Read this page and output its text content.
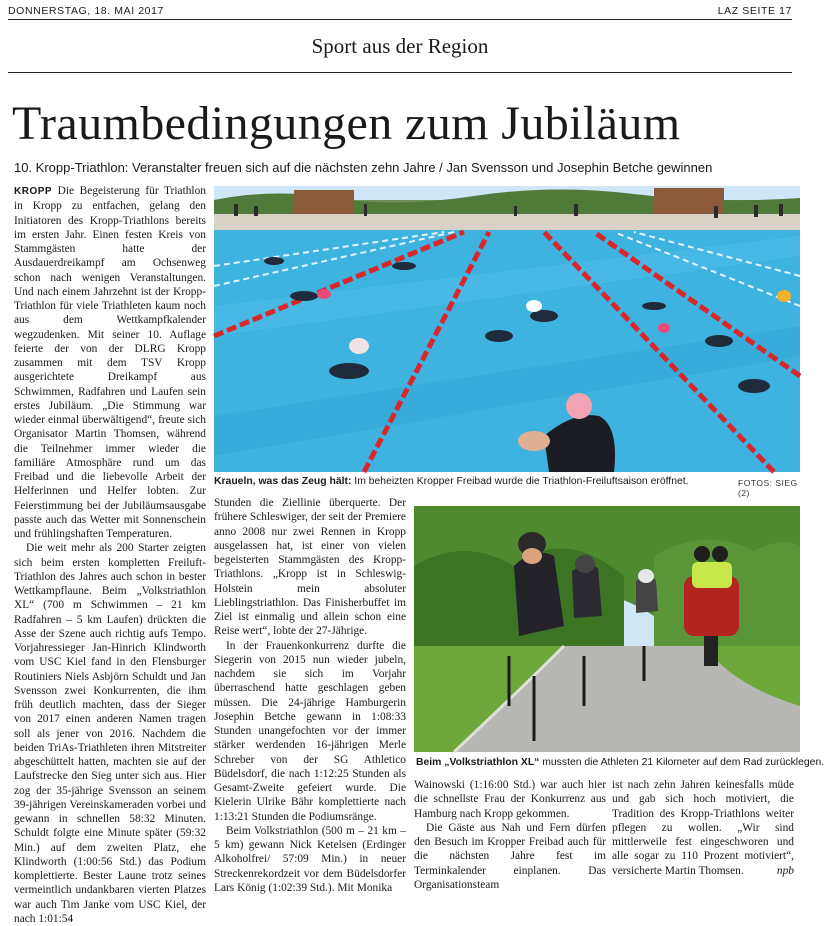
DONNERSTAG, 18. MAI 2017	LAZ SEITE 17
Sport aus der Region
Traumbedingungen zum Jubiläum
10. Kropp-Triathlon: Veranstalter freuen sich auf die nächsten zehn Jahre / Jan Svensson und Josephin Betche gewinnen

KROPP Die Begeisterung für Triathlon in Kropp zu entfachen, gelang den Initiatoren des Kropp-Triathlons bereits im ersten Jahr. Einen festen Kreis von Stammgästen hatte der Ausdauerdreikampf am Ochsenweg schon nach wenigen Veranstaltungen. Und nach einem Jahrzehnt ist der Kropp-Triathlon für viele Triathleten kaum noch aus dem Wettkampfkalender wegzudenken. Mit seiner 10. Auflage feierte der von der DLRG Kropp zusammen mit dem TSV Kropp ausgerichtete Dreikampf aus Schwimmen, Radfahren und Laufen sein erstes Jubiläum. „Die Stimmung war wieder einmal überwältigend“, freute sich Organisator Martin Thomsen, während die Teilnehmer immer wieder die familiäre Atmosphäre rund um das Freibad und die liebevolle Arbeit der Helferinnen und Helfer lobten. Zur Feierstimmung bei der Jubiläumsausgabe passte auch das Wetter mit Sonnenschein und frühlingshaften Temperaturen.

Die weit mehr als 200 Starter zeigten sich beim ersten kompletten Freiluft-Triathlon des Jahres auch schon in bester Wettkampflaune. Beim „Volkstriathlon XL“ (700 m Schwimmen – 21 km Radfahren – 5 km Laufen) drückten die Asse der Szene auch richtig aufs Tempo. Vorjahressieger Jan-Hinrich Klindworth vom USC Kiel fand in den Flensburger Routiniers Niels Asbjörn Schuldt und Jan Svensson zwei Konkurrenten, die ihm früh deutlich machten, dass der Sieger von 2017 einen anderen Namen tragen soll als jener von 2016. Nachdem die beiden TriAs-Triathleten ihren Mitstreiter abgeschüttelt hatten, machten sie auf der Laufstrecke den Sieg unter sich aus. Hier zog der 35-jährige Svensson an seinem 39-jährigen Vereinskameraden vorbei und gewann in schnellen 58:32 Minuten. Schuldt folgte eine Minute später (59:32 Min.) auf dem zweiten Platz, ehe Klindworth (1:00:56 Std.) das Podium komplettierte. Bester Laune trotz seines vermeintlich undankbaren vierten Platzes war auch Tim Janke vom USC Kiel, der nach 1:01:54

Kraueln, was das Zeug hält: Im beheizten Kropper Freibad wurde die Triathlon-Freiluftsaison eröffnet.	FOTOS: SIEG (2)

Stunden die Ziellinie überquerte. Der frühere Schleswiger, der seit der Premiere anno 2008 nur zwei Rennen in Kropp ausgelassen hat, ist einer von vielen begeisterten Stammgästen des Kropp-Triathlons. „Kropp ist in Schleswig-Holstein mein absoluter Lieblingstriathlon. Das Finisherbuffet im Ziel ist einmalig und allein schon eine Reise wert“, lobte der 27-Jährige.

In der Frauenkonkurrenz durfte die Siegerin von 2015 nun wieder jubeln, nachdem sie sich im Vorjahr überraschend hatte geschlagen geben müssen. Die 24-jährige Hamburgerin Josephin Betche gewann in 1:08:33 Stunden unangefochten vor der immer stärker werdenden 16-jährigen Merle Schreber von der SG Athletico Büdelsdorf, die nach 1:12:25 Stunden als Gesamt-Zweite gefeiert wurde. Die Kielerin Ulrike Bähr komplettierte nach 1:13:21 Stunden die Podiumsränge.

Beim Volkstriathlon (500 m – 21 km – 5 km) gewann Nick Ketelsen (Erdinger Alkoholfrei/ 57:09 Min.) in neuer Streckenrekordzeit vor dem Büdelsdorfer Lars König (1:02:39 Std.). Mit Monika

Beim „Volkstriathlon XL“ mussten die Athleten 21 Kilometer auf dem Rad zurücklegen.

Wainowski (1:16:00 Std.) war auch hier die schnellste Frau der Konkurrenz aus Hamburg nach Kropp gekommen.

Die Gäste aus Nah und Fern dürfen den Besuch im Kropper Freibad auch für die nächsten Jahre fest im Terminkalender einplanen. Das Organisationsteam

ist nach zehn Jahren keinesfalls müde und gab sich hoch motiviert, die Tradition des Kropp-Triathlons weiter pflegen zu wollen. „Wir sind mittlerweile fest eingeschworen und alle sogar zu 110 Prozent motiviert“, versicherte Martin Thomsen.	npb
